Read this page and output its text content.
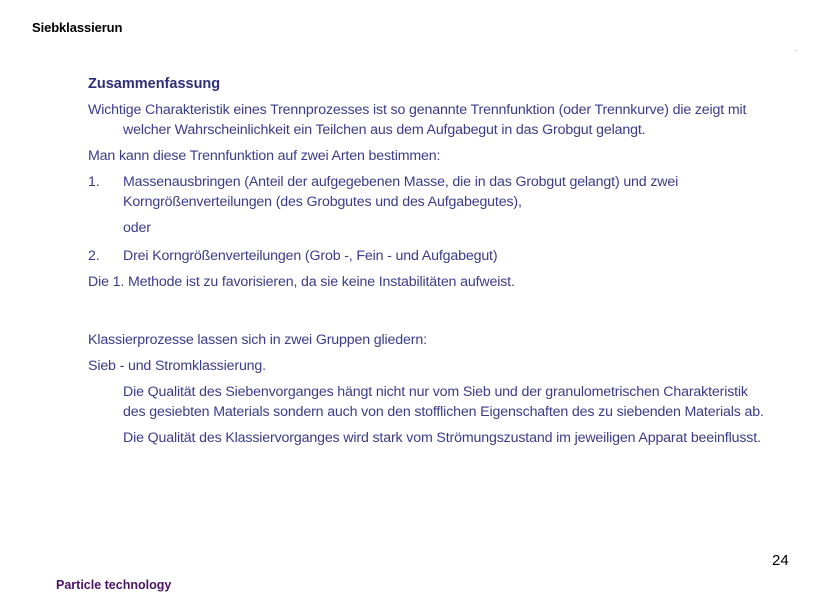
Siebklassierun
.
Zusammenfassung
Wichtige Charakteristik eines Trennprozesses ist so genannte Trennfunktion (oder Trennkurve) die zeigt mit welcher Wahrscheinlichkeit ein Teilchen aus dem Aufgabegut in das Grobgut gelangt.
Man kann diese Trennfunktion auf zwei Arten bestimmen:
1.	Massenausbringen (Anteil der aufgegebenen Masse, die in das Grobgut gelangt) und zwei Korngrößenverteilungen (des Grobgutes und des Aufgabegutes),
oder
2.	Drei Korngrößenverteilungen (Grob -, Fein - und Aufgabegut)
Die 1. Methode ist zu favorisieren, da sie keine Instabilitäten aufweist.
Klassierprozesse lassen sich in zwei Gruppen gliedern:
Sieb - und Stromklassierung.
Die Qualität des Siebenvorganges hängt nicht nur vom Sieb und der granulometrischen Charakteristik des gesiebten Materials sondern auch von den stofflichen Eigenschaften des zu siebenden Materials ab.
Die Qualität des Klassiervorganges wird stark vom Strömungszustand im jeweiligen Apparat beeinflusst.
24
Particle technology
